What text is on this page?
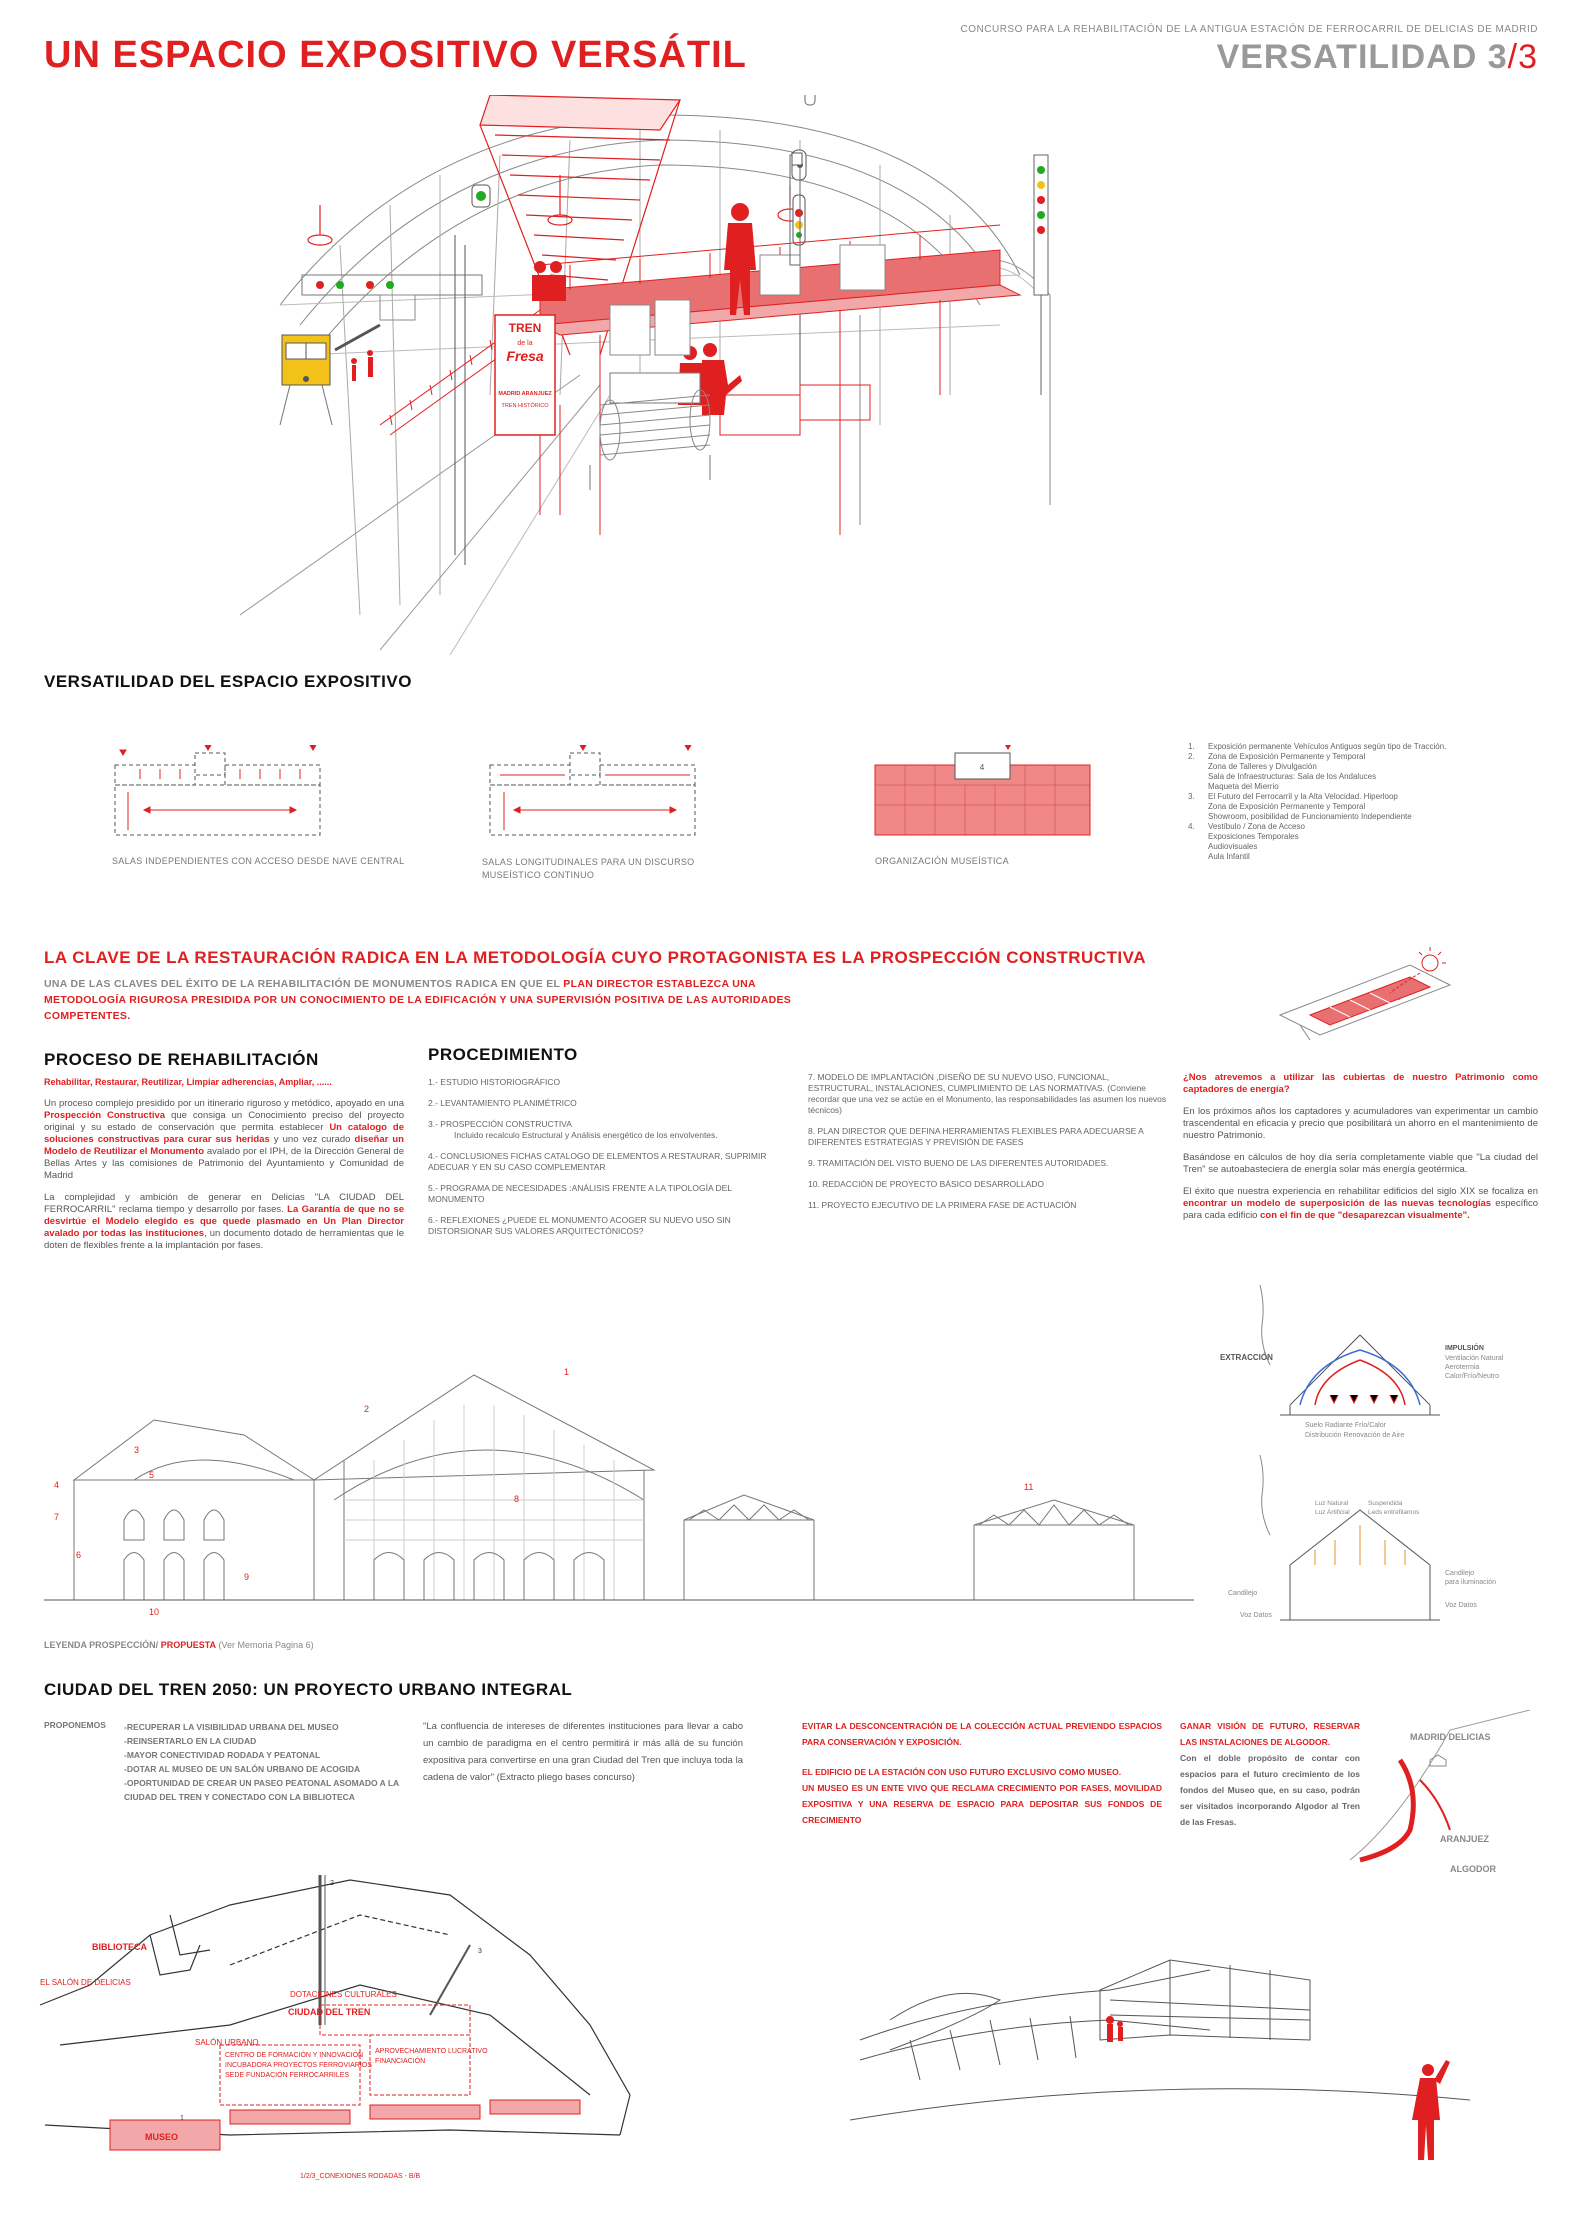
UN ESPACIO EXPOSITIVO VERSÁTIL
CONCURSO PARA LA REHABILITACIÓN DE LA ANTIGUA ESTACIÓN DE FERROCARRIL DE DELICIAS DE MADRID
VERSATILIDAD 3/3
TREN
de la
Fresa
MADRID ARANJUEZ
TREN HISTÓRICO
VERSATILIDAD DEL ESPACIO EXPOSITIVO
SALAS INDEPENDIENTES CON ACCESO DESDE NAVE CENTRAL	SALAS LONGITUDINALES PARA UN DISCURSO MUSEÍSTICO CONTINUO
4
ORGANIZACIÓN MUSEÍSTICA
1.	Exposición permanente Vehículos Antiguos según tipo de Tracción.
2.	Zona de Exposición Permanente y Temporal
Zona de Talleres y Divulgación
Sala de Infraestructuras: Sala de los Andaluces
Maqueta del Mierrio
3.	El Futuro del Ferrocarril y la Alta Velocidad. Hiperloop
Zona de Exposición Permanente y Temporal
Showroom, posibilidad de Funcionamiento Independiente
4.	Vestíbulo / Zona de Acceso
Exposiciones Temporales
Audiovisuales
Aula Infantil
LA CLAVE DE LA RESTAURACIÓN RADICA EN LA METODOLOGÍA CUYO PROTAGONISTA ES LA PROSPECCIÓN CONSTRUCTIVA
UNA DE LAS CLAVES DEL ÉXITO DE LA REHABILITACIÓN DE MONUMENTOS RADICA EN QUE EL PLAN DIRECTOR ESTABLEZCA UNA METODOLOGÍA RIGUROSA PRESIDIDA POR UN CONOCIMIENTO DE LA EDIFICACIÓN Y UNA SUPERVISIÓN POSITIVA DE LAS AUTORIDADES COMPETENTES.
PROCESO DE REHABILITACIÓN
Rehabilitar, Restaurar, Reutilizar, Limpiar adherencias, Ampliar, ......

Un proceso complejo presidido por un itinerario riguroso y metódico, apoyado en una Prospección Constructiva que consiga un Conocimiento preciso del proyecto original y su estado de conservación que permita establecer Un catalogo de soluciones constructivas para curar sus heridas y uno vez curado diseñar un Modelo de Reutilizar el Monumento avalado por el IPH, de la Dirección General de Bellas Artes y las comisiones de Patrimonio del Ayuntamiento y Comunidad de Madrid

La complejidad y ambición de generar en Delicias "LA CIUDAD DEL FERROCARRIL" reclama tiempo y desarrollo por fases. La Garantía de que no se desvirtúe el Modelo elegido es que quede plasmado en Un Plan Director avalado por todas las instituciones, un documento dotado de herramientas que le doten de flexibles frente a la implantación por fases.

PROCEDIMIENTO
1.- ESTUDIO HISTORIOGRÁFICO
2.- LEVANTAMIENTO PLANIMÉTRICO
3.- PROSPECCIÓN CONSTRUCTIVA
Incluido recalculo Estructural y Análisis energético de los envolventes.
4.- CONCLUSIONES FICHAS CATALOGO DE ELEMENTOS A RESTAURAR, SUPRIMIR ADECUAR Y EN SU CASO COMPLEMENTAR
5.- PROGRAMA DE NECESIDADES :ANÁLISIS FRENTE A LA TIPOLOGÍA DEL MONUMENTO
6.- REFLEXIONES ¿PUEDE EL MONUMENTO ACOGER SU NUEVO USO SIN DISTORSIONAR SUS VALORES ARQUITECTÓNICOS?
7. MODELO DE IMPLANTACIÓN ,DISEÑO DE SU NUEVO USO, FUNCIONAL, ESTRUCTURAL, INSTALACIONES, CUMPLIMIENTO DE LAS NORMATIVAS. (Conviene recordar que una vez se actúe en el Monumento, las responsabilidades las asumen los nuevos técnicos)
8. PLAN DIRECTOR QUE DEFINA HERRAMIENTAS FLEXIBLES PARA ADECUARSE A DIFERENTES ESTRATEGIAS Y PREVISIÓN DE FASES
9. TRAMITACIÓN DEL VISTO BUENO DE LAS DIFERENTES AUTORIDADES.
10. REDACCIÓN DE PROYECTO BÁSICO DESARROLLADO
11. PROYECTO EJECUTIVO DE LA PRIMERA FASE DE ACTUACIÓN

¿Nos atrevemos a utilizar las cubiertas de nuestro Patrimonio como captadores de energía?

En los próximos años los captadores y acumuladores van experimentar un cambio trascendental en eficacia y precio que posibilitará un ahorro en el mantenimiento de nuestro Patrimonio.

Basándose en cálculos de hoy día sería completamente viable que "La ciudad del Tren" se autoabasteciera de energía solar más energía geotérmica.

El éxito que nuestra experiencia en rehabilitar edificios del siglo XIX se focaliza en encontrar un modelo de superposición de las nuevas tecnologías específico para cada edificio con el fin de que "desaparezcan visualmente".

1
2
3
4
5
6
7
8
9
10
11
LEYENDA PROSPECCIÓN/ PROPUESTA (Ver Memoria Pagina 6)
EXTRACCIÓN
IMPULSIÓN
Ventilación Natural
Aerotermia
Calor/Frío/Neutro
Suelo Radiante Frío/Calor
Distribución Renovación de Aire
Luz Natural
Luz Artificial
Suspendida
Leds entrefilamos
Candilejo
para iluminación
Candilejo
Voz Datos
Voz Datos
CIUDAD DEL TREN 2050: UN PROYECTO URBANO INTEGRAL
PROPONEMOS -RECUPERAR LA VISIBILIDAD URBANA DEL MUSEO
-REINSERTARLO EN LA CIUDAD
-MAYOR CONECTIVIDAD RODADA Y PEATONAL
-DOTAR AL MUSEO DE UN SALÓN URBANO DE ACOGIDA
-OPORTUNIDAD DE CREAR UN PASEO PEATONAL ASOMADO A LA CIUDAD DEL TREN Y CONECTADO CON LA BIBLIOTECA
"La confluencia de intereses de diferentes instituciones para llevar a cabo un cambio de paradigma en el centro permitirá ir más allá de su función expositiva para convertirse en una gran Ciudad del Tren que incluya toda la cadena de valor" (Extracto pliego bases concurso)

EVITAR LA DESCONCENTRACIÓN DE LA COLECCIÓN ACTUAL PREVIENDO ESPACIOS PARA CONSERVACIÓN Y EXPOSICIÓN.

EL EDIFICIO DE LA ESTACIÓN CON USO FUTURO EXCLUSIVO COMO MUSEO.

UN MUSEO ES UN ENTE VIVO QUE RECLAMA CRECIMIENTO POR FASES, MOVILIDAD EXPOSITIVA Y UNA RESERVA DE ESPACIO PARA DEPOSITAR SUS FONDOS DE CRECIMIENTO

GANAR VISIÓN DE FUTURO, RESERVAR LAS INSTALACIONES DE ALGODOR.

Con el doble propósito de contar con espacios para el futuro crecimiento de los fondos del Museo que, en su caso, podrán ser visitados incorporando Algodor al Tren de las Fresas.

MADRID DELICIAS
ARANJUEZ
ALGODOR
BIBLIOTECA
EL SALÓN DE DELICIAS
SALÓN URBANO
DOTACIONES CULTURALES
CIUDAD DEL TREN
CENTRO DE FORMACIÓN Y INNOVACIÓN
INCUBADORA PROYECTOS FERROVIARIOS
SEDE FUNDACIÓN FERROCARRILES
APROVECHAMIENTO LUCRATIVO
FINANCIACIÓN
MUSEO
2
3
1
1/2/3_CONEXIONES RODADAS - B/B
